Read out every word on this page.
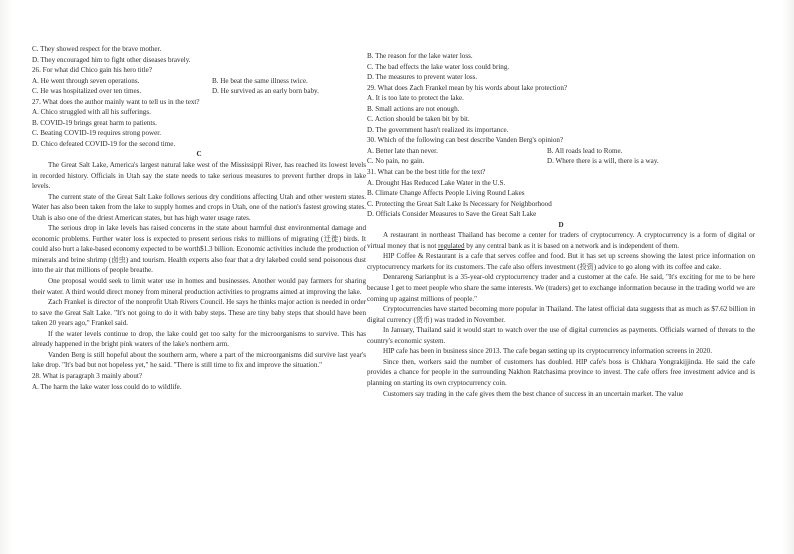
C. They showed respect for the brave mother.
D. They encouraged him to fight other diseases bravely.
26. For what did Chico gain his hero title?
A. He went through seven operations.	B. He beat the same illness twice.
C. He was hospitalized over ten times.	D. He survived as an early born baby.
27. What does the author mainly want to tell us in the text?
A. Chico struggled with all his sufferings.
B. COVID-19 brings great harm to patients.
C. Beating COVID-19 requires strong power.
D. Chico defeated COVID-19 for the second time.
C

The Great Salt Lake, America's largest natural lake west of the Mississippi River, has reached its lowest levels in recorded history. Officials in Utah say the state needs to take serious measures to prevent further drops in lake levels.

The current state of the Great Salt Lake follows serious dry conditions affecting Utah and other western states. Water has also been taken from the lake to supply homes and crops in Utah, one of the nation's fastest growing states. Utah is also one of the driest American states, but has high water usage rates.

The serious drop in lake levels has raised concerns in the state about harmful dust environmental damage and economic problems. Further water loss is expected to present serious risks to millions of migrating (迁徙) birds. It could also hurt a lake-based economy expected to be worth$1.3 billion. Economic activities include the production of minerals and brine shrimp (卤虫) and tourism. Health experts also fear that a dry lakebed could send poisonous dust into the air that millions of people breathe.

One proposal would seek to limit water use in homes and businesses. Another would pay farmers for sharing their water. A third would direct money from mineral production activities to programs aimed at improving the lake.

Zach Frankel is director of the nonprofit Utah Rivers Council. He says he thinks major action is needed in order to save the Great Salt Lake. "It's not going to do it with baby steps. These are tiny baby steps that should have been taken 20 years ago," Frankel said.

If the water levels continue to drop, the lake could get too salty for the microorganisms to survive. This has already happened in the bright pink waters of the lake's northern arm.

Vanden Berg is still hopeful about the southern arm, where a part of the microorganisms did survive last year's lake drop. "It's bad but not hopeless yet," he said. "There is still time to fix and improve the situation."

28. What is paragraph 3 mainly about?
A. The harm the lake water loss could do to wildlife.
B. The reason for the lake water loss.
C. The bad effects the lake water loss could bring.
D. The measures to prevent water loss.
29. What does Zach Frankel mean by his words about lake protection?
A. It is too late to protect the lake.
B. Small actions are not enough.
C. Action should be taken bit by bit.
D. The government hasn't realized its importance.
30. Which of the following can best describe Vanden Berg's opinion?
A. Better late than never.	B. All roads lead to Rome.
C. No pain, no gain.	D. Where there is a will, there is a way.
31. What can be the best title for the text?
A. Drought Has Reduced Lake Water in the U.S.
B. Climate Change Affects People Living Round Lakes
C. Protecting the Great Salt Lake Is Necessary for Neighborhood
D. Officials Consider Measures to Save the Great Salt Lake
D

A restaurant in northeast Thailand has become a center for traders of cryptocurrency. A cryptocurrency is a form of digital or virtual money that is not regulated by any central bank as it is based on a network and is independent of them.

HIP Coffee & Restaurant is a cafe that serves coffee and food. But it has set up screens showing the latest price information on cryptocurrency markets for its customers. The cafe also offers investment (投资) advice to go along with its coffee and cake.

Denrareng Sarianphut is a 35-year-old cryptocurrency trader and a customer at the cafe. He said, "It's exciting for me to be here because I get to meet people who share the same interests. We (traders) get to exchange information because in the trading world we are coming up against millions of people."

Cryptocurrencies have started becoming more popular in Thailand. The latest official data suggests that as much as $7.62 billion in digital currency (货币) was traded in November.

In January, Thailand said it would start to watch over the use of digital currencies as payments. Officials warned of threats to the country's economic system.

HIP cafe has been in business since 2013. The cafe began setting up its cryptocurrency information screens in 2020.

Since then, workers said the number of customers has doubled. HIP cafe's boss is Chkhara Yongrakijjinda. He said the cafe provides a chance for people in the surrounding Nakhon Ratchasima province to invest. The cafe offers free investment advice and is planning on starting its own cryptocurrency coin.

Customers say trading in the cafe gives them the best chance of success in an uncertain market. The value
